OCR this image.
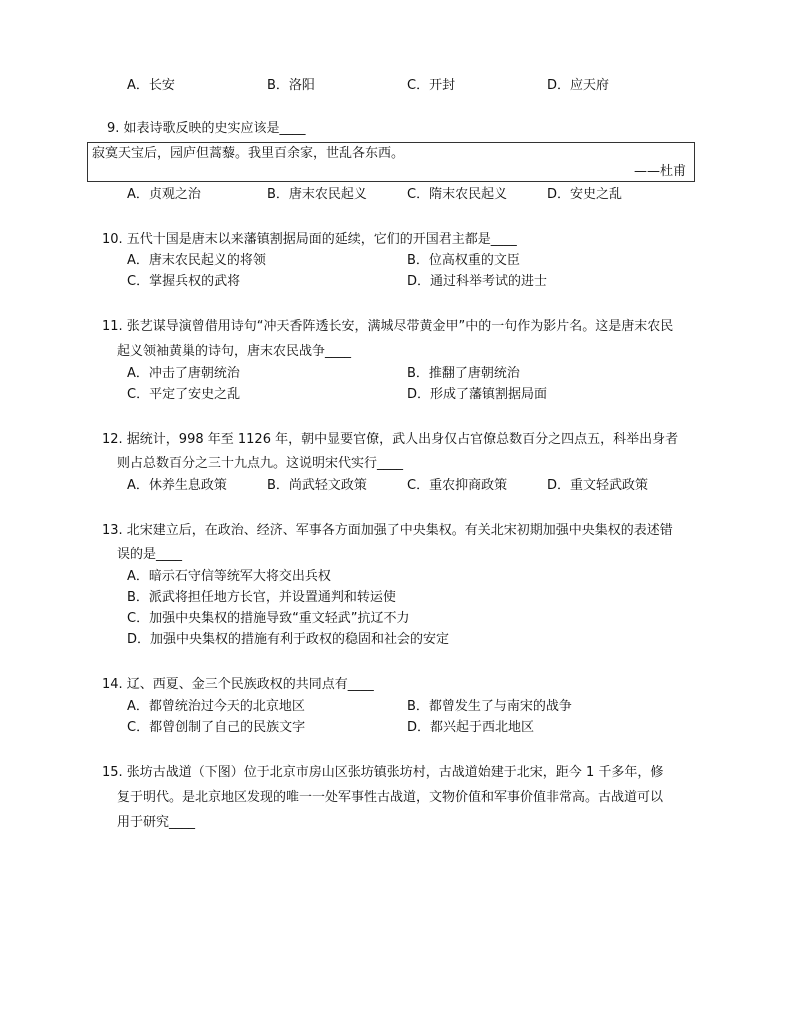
A．长安	B．洛阳	C．开封	D．应天府
9. 如表诗歌反映的史实应该是____
寂寞天宝后，园庐但蒿藜。我里百余家，世乱各东西。
——杜甫
A．贞观之治	B．唐末农民起义	C．隋末农民起义	D．安史之乱
10. 五代十国是唐末以来藩镇割据局面的延续，它们的开国君主都是____
A．唐末农民起义的将领	B．位高权重的文臣
C．掌握兵权的武将	D．通过科举考试的进士
11. 张艺谋导演曾借用诗句“冲天香阵透长安，满城尽带黄金甲”中的一句作为影片名。这是唐末农民
起义领袖黄巢的诗句，唐末农民战争____
A．冲击了唐朝统治	B．推翻了唐朝统治
C．平定了安史之乱	D．形成了藩镇割据局面
12. 据统计，998 年至 1126 年，朝中显要官僚，武人出身仅占官僚总数百分之四点五，科举出身者
则占总数百分之三十九点九。这说明宋代实行____
A．休养生息政策	B．尚武轻文政策	C．重农抑商政策	D．重文轻武政策
13. 北宋建立后，在政治、经济、军事各方面加强了中央集权。有关北宋初期加强中央集权的表述错
误的是____
A．暗示石守信等统军大将交出兵权
B．派武将担任地方长官，并设置通判和转运使
C．加强中央集权的措施导致“重文轻武”抗辽不力
D．加强中央集权的措施有利于政权的稳固和社会的安定
14. 辽、西夏、金三个民族政权的共同点有____
A．都曾统治过今天的北京地区	B．都曾发生了与南宋的战争
C．都曾创制了自己的民族文字	D．都兴起于西北地区
15. 张坊古战道（下图）位于北京市房山区张坊镇张坊村，古战道始建于北宋，距今 1 千多年，修
复于明代。是北京地区发现的唯一一处军事性古战道，文物价值和军事价值非常高。古战道可以
用于研究____
